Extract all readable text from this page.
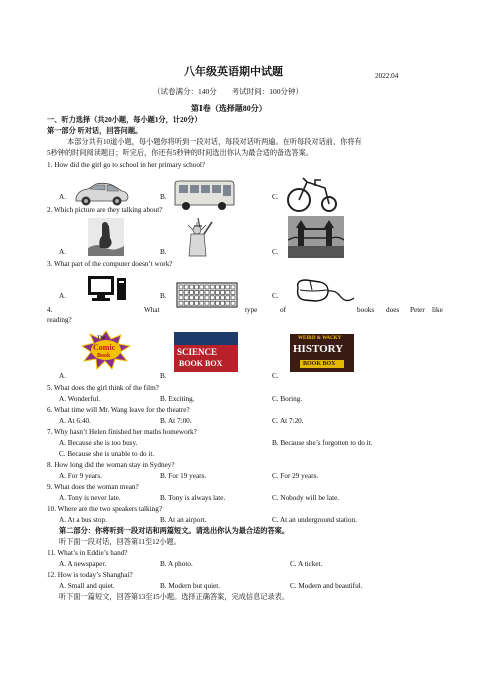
八年级英语期中试题	2022.04
（试卷满分：140分　　考试时间：100分钟）
第Ⅰ卷（选择题80分）
一、听力选择（共20小题，每小题1分，计20分）
第一部分 听对话，回答问题。
本部分共有10道小题，每小题你将听到一段对话，每段对话听两遍。在听每段对话前，你将有
5秒钟的时间阅读题目；听完后，你还有5秒钟的时间选出你认为最合适的备选答案。
1. How did the girl go to school in her primary school?
A.	B.	C.
2. Which picture are they talking about?
A.	B.	C.
3. What part of the computer doesn’t work?
A.	B.	C.
4.	What	type	of	books does Peter like
reading?
The
Comic
Book
A.
SCIENCE
BOOK BOX
B.
WEIRD & WACKY
HISTORY
BOOK BOX
C.
5. What does the girl think of the film?
A. Wonderful.	B. Exciting.	C. Boring.
6. What time will Mr. Wang leave for the theatre?
A. At 6:40.	B. At 7:00.	C. At 7:20.
7. Why hasn’t Helen finished her maths homework?
A. Because she is too busy.	B. Because she’s forgotten to do it.
C. Because she is unable to do it.
8. How long did the woman stay in Sydney?
A. For 9 years.	B. For 19 years.	C. For 29 years.
9. What does the woman mean?
A. Tony is never late.	B. Tony is always late.	C. Nobody will be late.
10. Where are the two speakers talking?
A. At a bus stop.	B. At an airport.	C. At an underground station.
第二部分：你将听到一段对话和两篇短文。请选出你认为最合适的答案。
听下面一段对话，回答第11至12小题。
11. What’s in Eddie’s hand?
A. A newspaper.	B. A photo.	C. A ticket.
12. How is today’s Shanghai?
A. Small and quiet.	B. Modern but quiet.	C. Modern and beautiful.
听下面一篇短文，回答第13至15小题。选择正确答案，完成信息记录表。
